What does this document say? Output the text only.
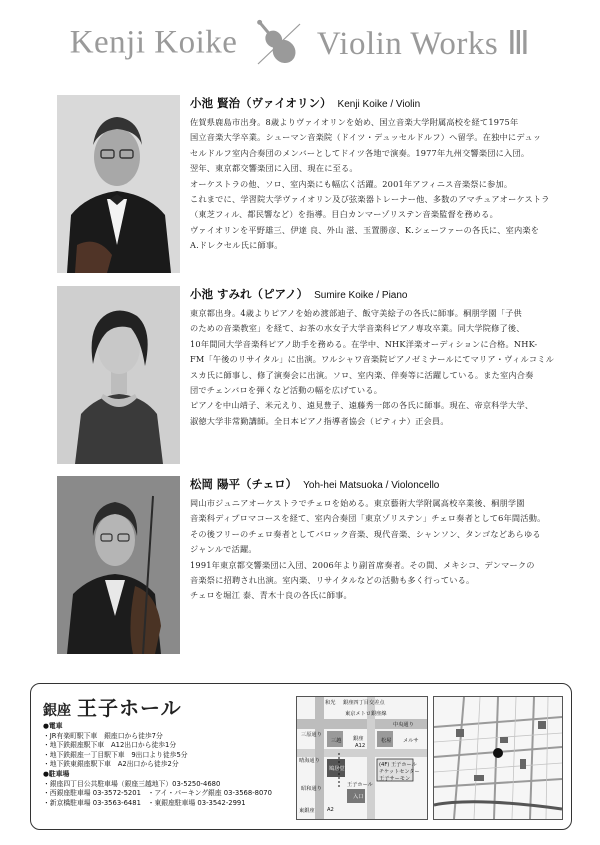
Kenji Koike Violin Works Ⅲ
小池 賢治（ヴァイオリン） Kenji Koike / Violin

佐賀県鹿島市出身。8歳よりヴァイオリンを始め、国立音楽大学附属高校を経て1975年

国立音楽大学卒業。シューマン音楽院（ドイツ・デュッセルドルフ）へ留学。在独中にデュッ

セルドルフ室内合奏団のメンバーとしてドイツ各地で演奏。1977年九州交響楽団に入団。

翌年、東京都交響楽団に入団、現在に至る。

オーケストラの他、ソロ、室内楽にも幅広く活躍。2001年アフィニス音楽祭に参加。

これまでに、学習院大学ヴァイオリン及び弦楽器トレーナー他、多数のアマチュアオーケストラ

（東芝フィル、都民響など）を指導。目白カンマーゾリステン音楽監督を務める。

ヴァイオリンを平野雄三、伊達 良、外山 滋、玉置勝彦、K.シェーファーの各氏に、室内楽を

A.ドレクセル氏に師事。

小池 すみれ（ピアノ） Sumire Koike / Piano

東京都出身。4歳よりピアノを始め渡部迪子、飯守美絵子の各氏に師事。桐朋学園「子供

のための音楽教室」を経て、お茶の水女子大学音楽科ピアノ専攻卒業。同大学院修了後、

10年間同大学音楽科ピアノ助手を務める。在学中、NHK洋楽オーディションに合格。NHK-

FM「午後のリサイタル」に出演。ワルシャワ音楽院ピアノゼミナールにてマリア・ヴィルコミル

スカ氏に師事し、修了演奏会に出演。ソロ、室内楽、伴奏等に活躍している。また室内合奏

団でチェンバロを弾くなど活動の幅を広げている。

ピアノを中山靖子、米元えり、遠見豊子、遠藤秀一郎の各氏に師事。現在、帝京科学大学、

淑徳大学非常勤講師。全日本ピアノ指導者協会（ピティナ）正会員。

松岡 陽平（チェロ） Yoh-hei Matsuoka / Violoncello

岡山市ジュニアオーケストラでチェロを始める。東京藝術大学附属高校卒業後、桐朋学園

音楽科ディプロマコースを経て、室内合奏団「東京ゾリステン」チェロ奏者として6年間活動。

その後フリーのチェロ奏者としてバロック音楽、現代音楽、シャンソン、タンゴなどあらゆる

ジャンルで活躍。

1991年東京都交響楽団に入団、2006年より副首席奏者。その間、メキシコ、デンマークの

音楽祭に招聘され出演。室内楽、リサイタルなどの活動も多く行っている。

チェロを堀江 泰、青木十良の各氏に師事。

銀座 王子ホール
●電車
・JR有楽町駅下車　銀座口から徒歩7分
・地下鉄銀座駅下車　A12出口から徒歩1分
・地下鉄銀座一丁目駅下車　9出口より徒歩5分
・地下鉄東銀座駅下車　A2出口から徒歩2分
●駐車場
・銀座四丁目公共駐車場（銀座三越地下）03-5250-4680
・西銀座駐車場 03-3572-5201　・アイ・パーキング銀座 03-3568-8070
・新京橋駐車場 03-3563-6481　・東銀座駐車場 03-3542-2991
和光 銀座四丁目交差点
東京メトロ銀座線
中央通り
銀座
A12
松屋 メルサ
三越
晴海通り
昭和通り
鳩居堂
(4F) 王子ホール
チケットセンター
王子サーモン
王子ホール
入口
A2
東銀座
三原通り
